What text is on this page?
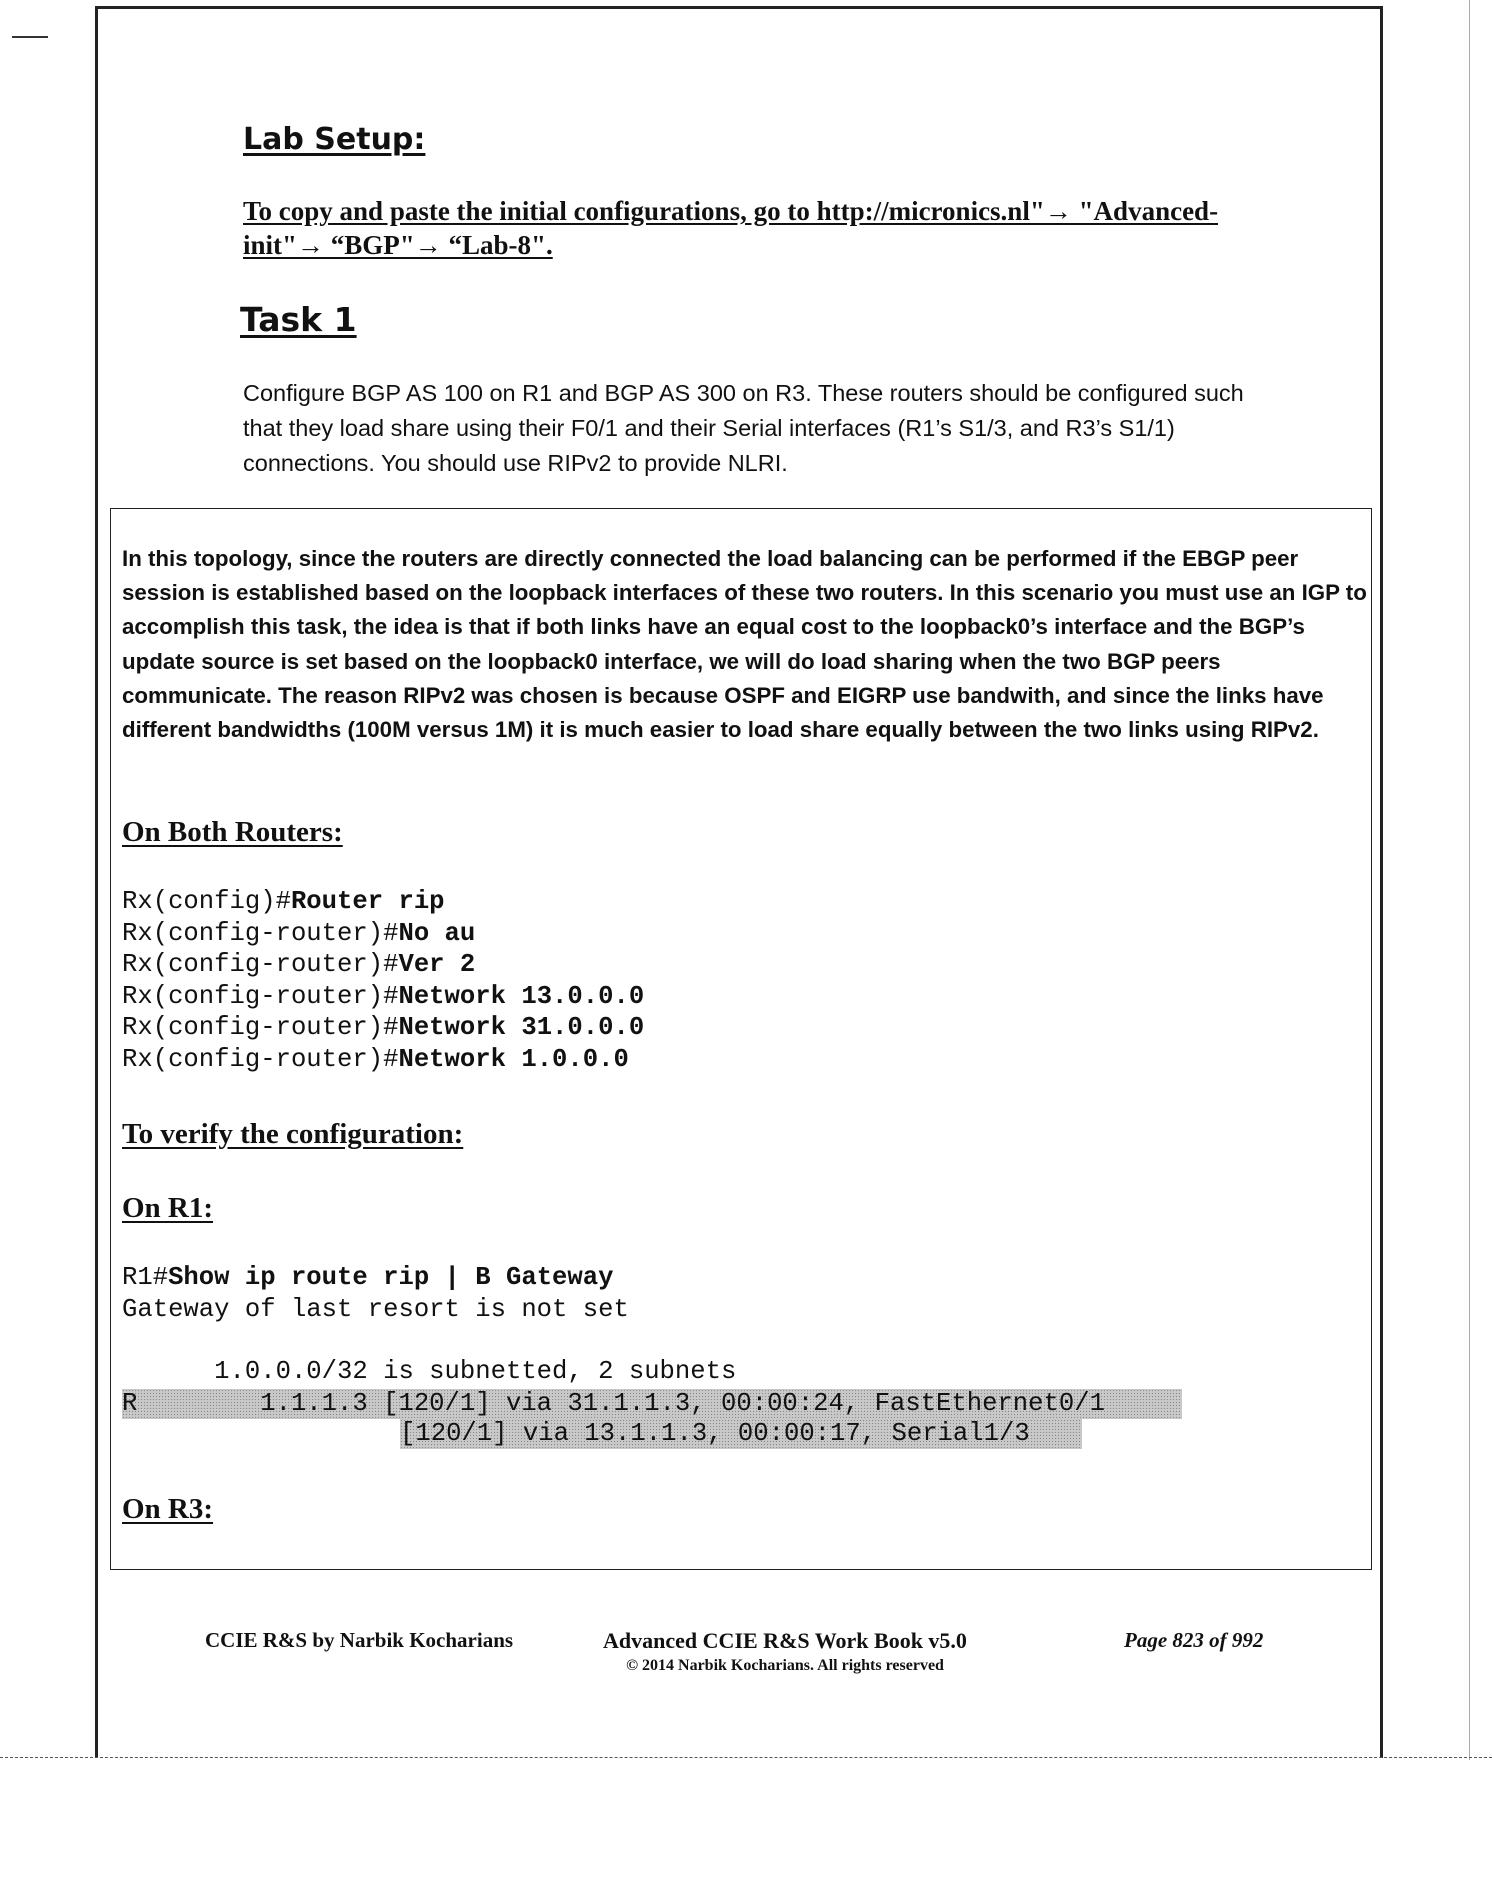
Lab Setup:
To copy and paste the initial configurations, go to http://micronics.nl"→ "Advanced-
init"→ “BGP"→ “Lab-8".
Task 1
Configure BGP AS 100 on R1 and BGP AS 300 on R3. These routers should be configured such that they load share using their F0/1 and their Serial interfaces (R1’s S1/3, and R3’s S1/1) connections. You should use RIPv2 to provide NLRI.
In this topology, since the routers are directly connected the load balancing can be performed if the EBGP peer session is established based on the loopback interfaces of these two routers. In this scenario you must use an IGP to accomplish this task, the idea is that if both links have an equal cost to the loopback0’s interface and the BGP’s update source is set based on the loopback0 interface, we will do load sharing when the two BGP peers communicate. The reason RIPv2 was chosen is because OSPF and EIGRP use bandwith, and since the links have different bandwidths (100M versus 1M) it is much easier to load share equally between the two links using RIPv2.
On Both Routers:
Rx(config)#Router rip
Rx(config-router)#No au
Rx(config-router)#Ver 2
Rx(config-router)#Network 13.0.0.0
Rx(config-router)#Network 31.0.0.0
Rx(config-router)#Network 1.0.0.0
To verify the configuration:
On R1:
R1#Show ip route rip | B Gateway
Gateway of last resort is not set
1.0.0.0/32 is subnetted, 2 subnets
R        1.1.1.3 [120/1] via 31.1.1.3, 00:00:24, FastEthernet0/1
[120/1] via 13.1.1.3, 00:00:17, Serial1/3
On R3:
CCIE R&S by Narbik Kocharians	Advanced CCIE R&S Work Book v5.0
© 2014 Narbik Kocharians. All rights reserved
Page 823 of 992
